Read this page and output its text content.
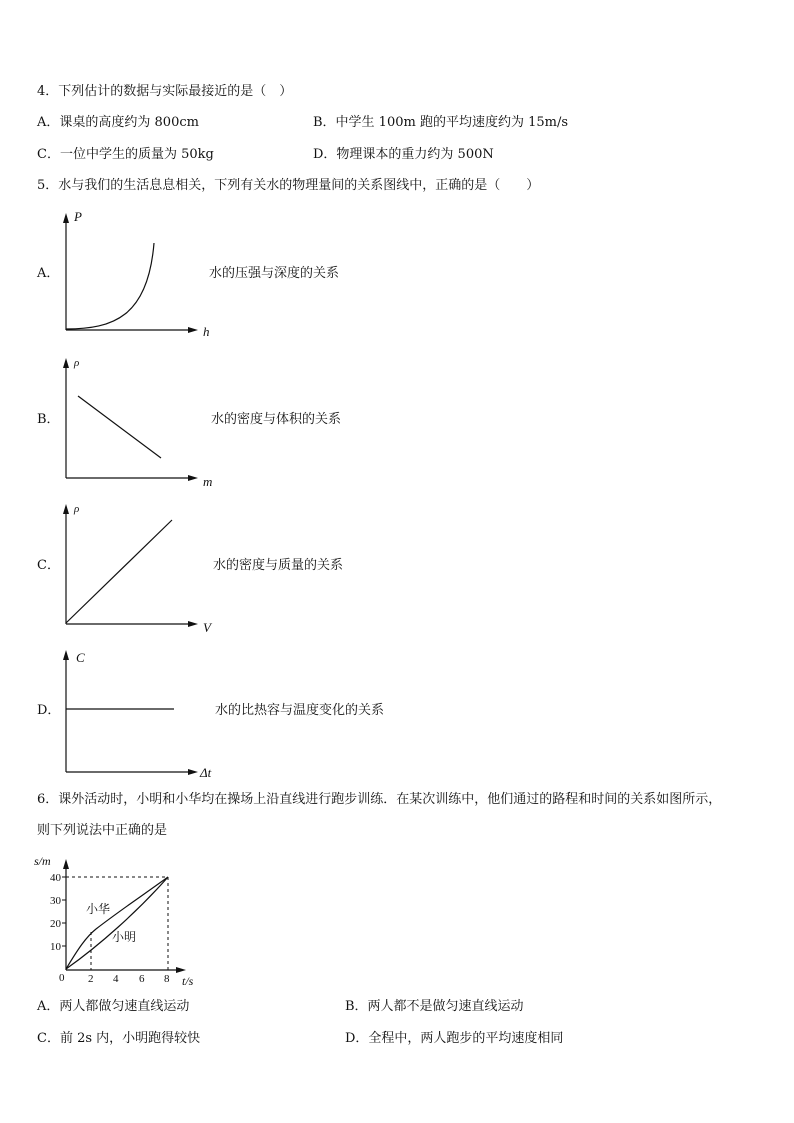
4．下列估计的数据与实际最接近的是（　）
A．课桌的高度约为 800cm	B．中学生 100m 跑的平均速度约为 15m/s
C．一位中学生的质量为 50kg	D．物理课本的重力约为 500N
5．水与我们的生活息息相关，下列有关水的物理量间的关系图线中，正确的是（　　）
A．
P
h
水的压强与深度的关系
B．
ρ
m
水的密度与体积的关系
C．
ρ
V
水的密度与质量的关系
D．
C
Δt
水的比热容与温度变化的关系
6．课外活动时，小明和小华均在操场上沿直线进行跑步训练．在某次训练中，他们通过的路程和时间的关系如图所示，
则下列说法中正确的是
s/m
t/s
10
20
30
40
0 2 4 6 8
小华
小明
A．两人都做匀速直线运动	B．两人都不是做匀速直线运动
C．前 2s 内，小明跑得较快	D．全程中，两人跑步的平均速度相同
